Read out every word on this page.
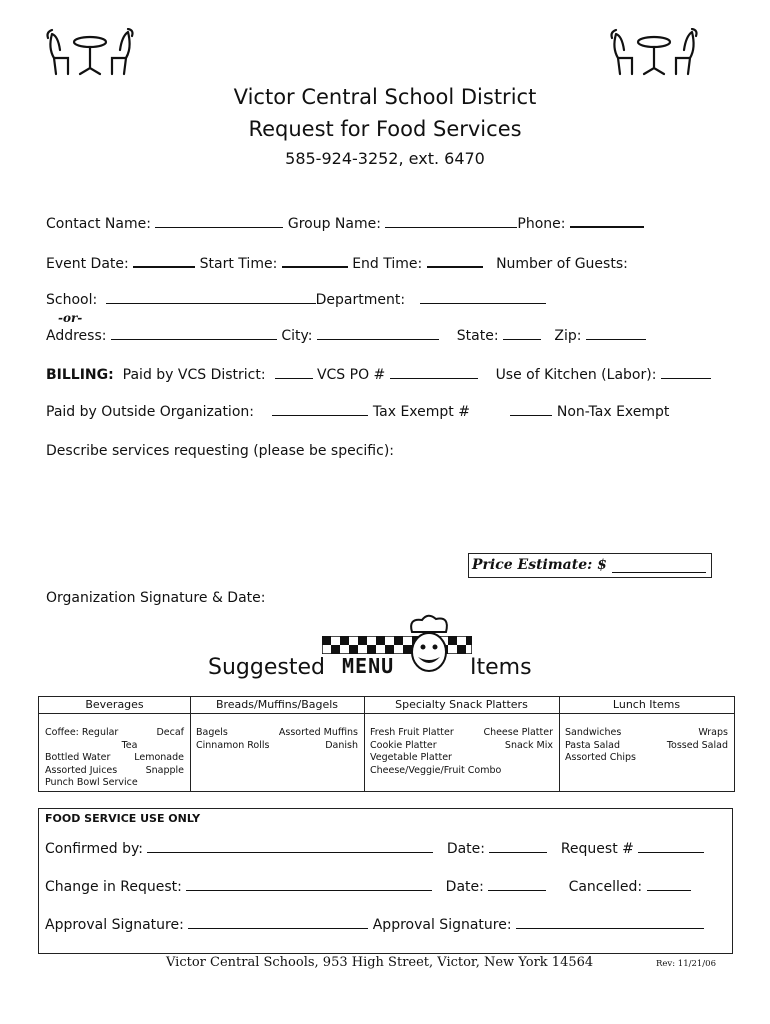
Victor Central School District
Request for Food Services
585-924-3252, ext. 6470
Contact Name:	Group Name:	Phone:
Event Date:	Start Time:	End Time:	Number of Guests:
School:	Department:
-or-
Address:	City:	State:	Zip:
BILLING: Paid by VCS District:	VCS PO #	Use of Kitchen (Labor):
Paid by Outside Organization:	Tax Exempt #	Non-Tax Exempt
Describe services requesting (please be specific):
Price Estimate: $
Organization Signature & Date:
Suggested	Items
MENU
Beverages
Coffee: Regular	Decaf
Tea
Bottled Water	Lemonade
Assorted Juices	Snapple
Punch Bowl Service
Breads/Muffins/Bagels
Bagels	Assorted Muffins
Cinnamon Rolls	Danish
Specialty Snack Platters
Fresh Fruit Platter	Cheese Platter
Cookie Platter	Snack Mix
Vegetable Platter
Cheese/Veggie/Fruit Combo
Lunch Items
Sandwiches	Wraps
Pasta Salad	Tossed Salad
Assorted Chips
FOOD SERVICE USE ONLY
Confirmed by:	Date:	Request #
Change in Request:	Date:	Cancelled:
Approval Signature:	Approval Signature:
Victor Central Schools, 953 High Street, Victor, New York 14564	Rev: 11/21/06
